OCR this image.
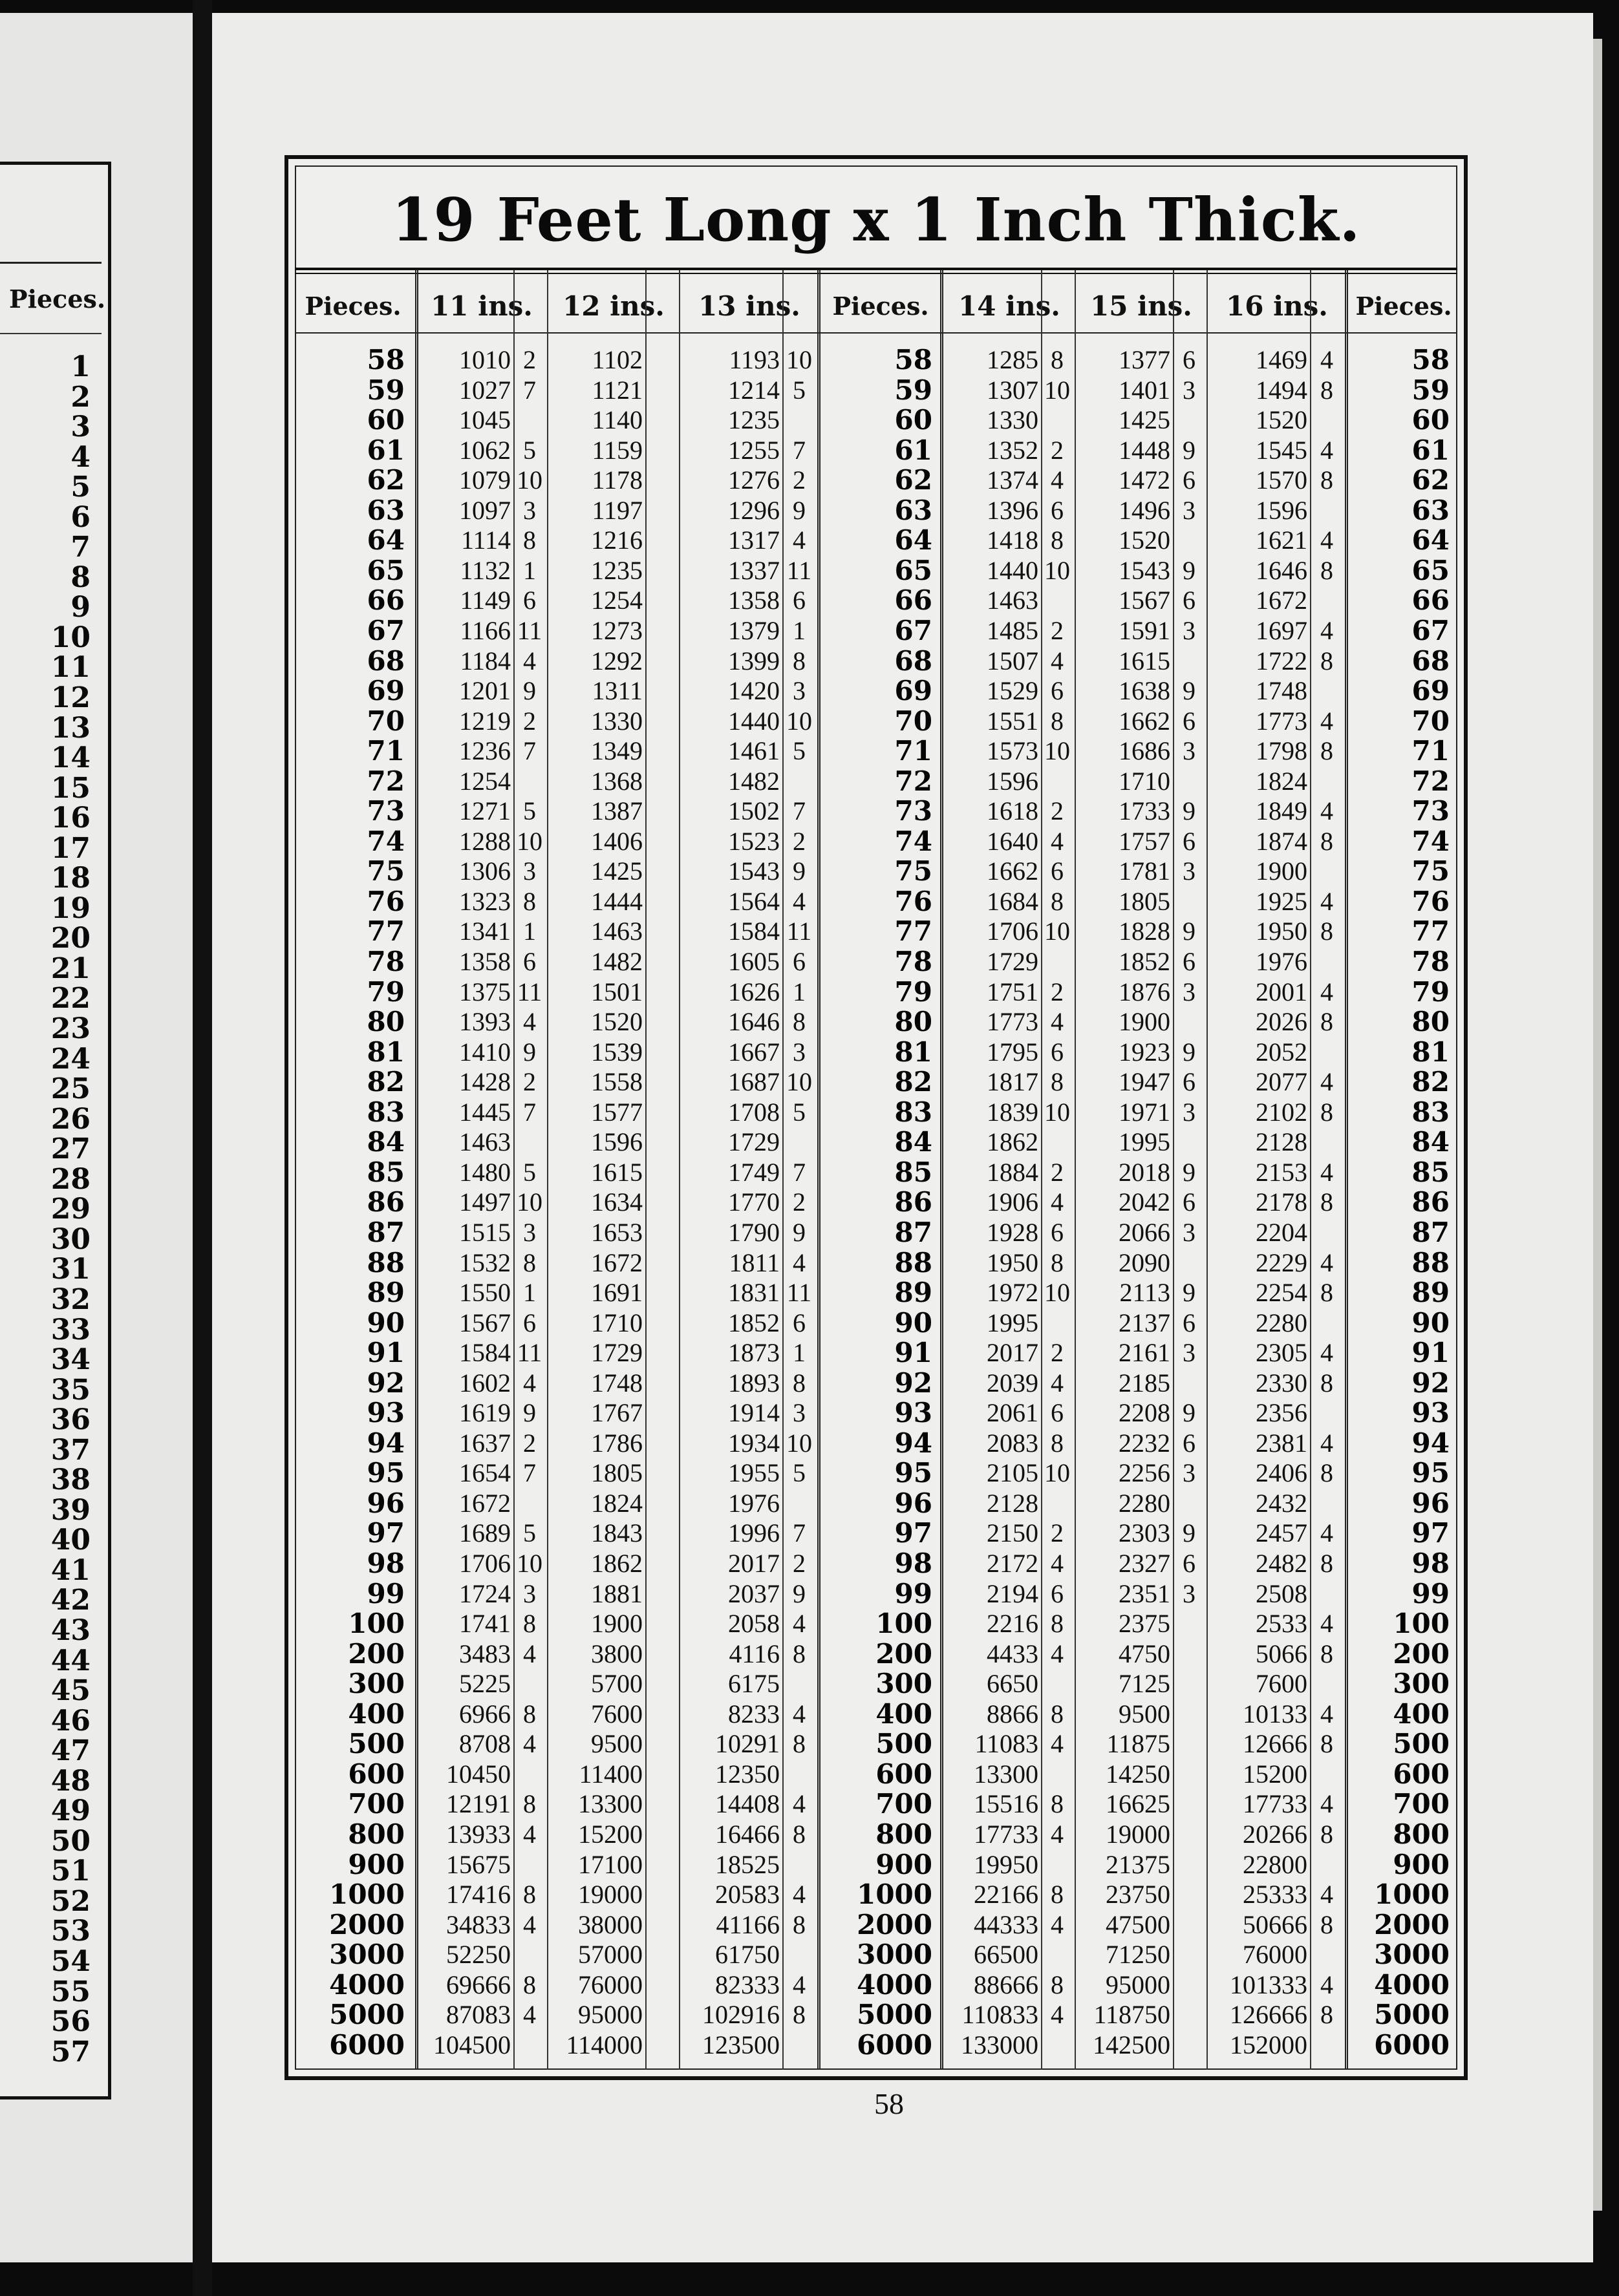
Pieces.
1
2
3
4
5
6
7
8
9
10
11
12
13
14
15
16
17
18
19
20
21
22
23
24
25
26
27
28
29
30
31
32
33
34
35
36
37
38
39
40
41
42
43
44
45
46
47
48
49
50
51
52
53
54
55
56
57
19 Feet Long x 1 Inch Thick.
Pieces.	11 ins.	12 ins.	13 ins.	Pieces.	14 ins.	15 ins.	16 ins.	Pieces.
58	1010 2	1102	1193 10	58	1285 8	1377 6	1469 4	58
59	1027 7	1121	1214 5	59	1307 10	1401 3	1494 8	59
60	1045	1140	1235	60	1330	1425	1520	60
61	1062 5	1159	1255 7	61	1352 2	1448 9	1545 4	61
62	1079 10	1178	1276 2	62	1374 4	1472 6	1570 8	62
63	1097 3	1197	1296 9	63	1396 6	1496 3	1596	63
64	1114 8	1216	1317 4	64	1418 8	1520	1621 4	64
65	1132 1	1235	1337 11	65	1440 10	1543 9	1646 8	65
66	1149 6	1254	1358 6	66	1463	1567 6	1672	66
67	1166 11	1273	1379 1	67	1485 2	1591 3	1697 4	67
68	1184 4	1292	1399 8	68	1507 4	1615	1722 8	68
69	1201 9	1311	1420 3	69	1529 6	1638 9	1748	69
70	1219 2	1330	1440 10	70	1551 8	1662 6	1773 4	70
71	1236 7	1349	1461 5	71	1573 10	1686 3	1798 8	71
72	1254	1368	1482	72	1596	1710	1824	72
73	1271 5	1387	1502 7	73	1618 2	1733 9	1849 4	73
74	1288 10	1406	1523 2	74	1640 4	1757 6	1874 8	74
75	1306 3	1425	1543 9	75	1662 6	1781 3	1900	75
76	1323 8	1444	1564 4	76	1684 8	1805	1925 4	76
77	1341 1	1463	1584 11	77	1706 10	1828 9	1950 8	77
78	1358 6	1482	1605 6	78	1729	1852 6	1976	78
79	1375 11	1501	1626 1	79	1751 2	1876 3	2001 4	79
80	1393 4	1520	1646 8	80	1773 4	1900	2026 8	80
81	1410 9	1539	1667 3	81	1795 6	1923 9	2052	81
82	1428 2	1558	1687 10	82	1817 8	1947 6	2077 4	82
83	1445 7	1577	1708 5	83	1839 10	1971 3	2102 8	83
84	1463	1596	1729	84	1862	1995	2128	84
85	1480 5	1615	1749 7	85	1884 2	2018 9	2153 4	85
86	1497 10	1634	1770 2	86	1906 4	2042 6	2178 8	86
87	1515 3	1653	1790 9	87	1928 6	2066 3	2204	87
88	1532 8	1672	1811 4	88	1950 8	2090	2229 4	88
89	1550 1	1691	1831 11	89	1972 10	2113 9	2254 8	89
90	1567 6	1710	1852 6	90	1995	2137 6	2280	90
91	1584 11	1729	1873 1	91	2017 2	2161 3	2305 4	91
92	1602 4	1748	1893 8	92	2039 4	2185	2330 8	92
93	1619 9	1767	1914 3	93	2061 6	2208 9	2356	93
94	1637 2	1786	1934 10	94	2083 8	2232 6	2381 4	94
95	1654 7	1805	1955 5	95	2105 10	2256 3	2406 8	95
96	1672	1824	1976	96	2128	2280	2432	96
97	1689 5	1843	1996 7	97	2150 2	2303 9	2457 4	97
98	1706 10	1862	2017 2	98	2172 4	2327 6	2482 8	98
99	1724 3	1881	2037 9	99	2194 6	2351 3	2508	99
100	1741 8	1900	2058 4	100	2216 8	2375	2533 4	100
200	3483 4	3800	4116 8	200	4433 4	4750	5066 8	200
300	5225	5700	6175	300	6650	7125	7600	300
400	6966 8	7600	8233 4	400	8866 8	9500	10133 4	400
500	8708 4	9500	10291 8	500	11083 4	11875	12666 8	500
600	10450	11400	12350	600	13300	14250	15200	600
700	12191 8	13300	14408 4	700	15516 8	16625	17733 4	700
800	13933 4	15200	16466 8	800	17733 4	19000	20266 8	800
900	15675	17100	18525	900	19950	21375	22800	900
1000	17416 8	19000	20583 4	1000	22166 8	23750	25333 4	1000
2000	34833 4	38000	41166 8	2000	44333 4	47500	50666 8	2000
3000	52250	57000	61750	3000	66500	71250	76000	3000
4000	69666 8	76000	82333 4	4000	88666 8	95000	101333 4	4000
5000	87083 4	95000	102916 8	5000	110833 4	118750	126666 8	5000
6000	104500	114000	123500	6000	133000	142500	152000	6000
58
